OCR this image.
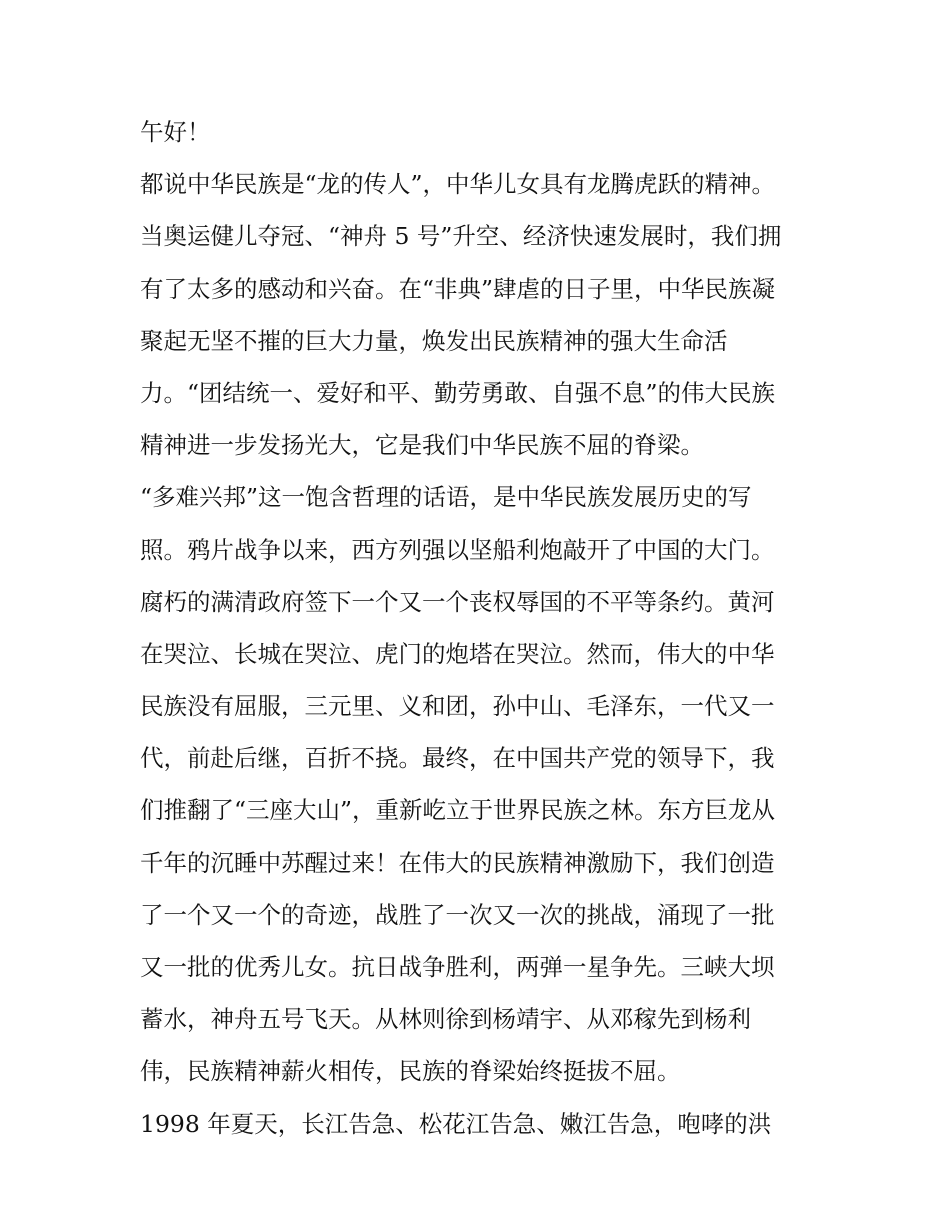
午好！
都说中华民族是“龙的传人”，中华儿女具有龙腾虎跃的精神。
当奥运健儿夺冠、“神舟 5 号”升空、经济快速发展时，我们拥
有了太多的感动和兴奋。在“非典”肆虐的日子里，中华民族凝
聚起无坚不摧的巨大力量，焕发出民族精神的强大生命活
力。“团结统一、爱好和平、勤劳勇敢、自强不息”的伟大民族
精神进一步发扬光大，它是我们中华民族不屈的脊梁。
“多难兴邦”这一饱含哲理的话语，是中华民族发展历史的写
照。鸦片战争以来，西方列强以坚船利炮敲开了中国的大门。
腐朽的满清政府签下一个又一个丧权辱国的不平等条约。黄河
在哭泣、长城在哭泣、虎门的炮塔在哭泣。然而，伟大的中华
民族没有屈服，三元里、义和团，孙中山、毛泽东，一代又一
代，前赴后继，百折不挠。最终，在中国共产党的领导下，我
们推翻了“三座大山”，重新屹立于世界民族之林。东方巨龙从
千年的沉睡中苏醒过来！在伟大的民族精神激励下，我们创造
了一个又一个的奇迹，战胜了一次又一次的挑战，涌现了一批
又一批的优秀儿女。抗日战争胜利，两弹一星争先。三峡大坝
蓄水，神舟五号飞天。从林则徐到杨靖宇、从邓稼先到杨利
伟，民族精神薪火相传，民族的脊梁始终挺拔不屈。
1998 年夏天，长江告急、松花江告急、嫩江告急，咆哮的洪
